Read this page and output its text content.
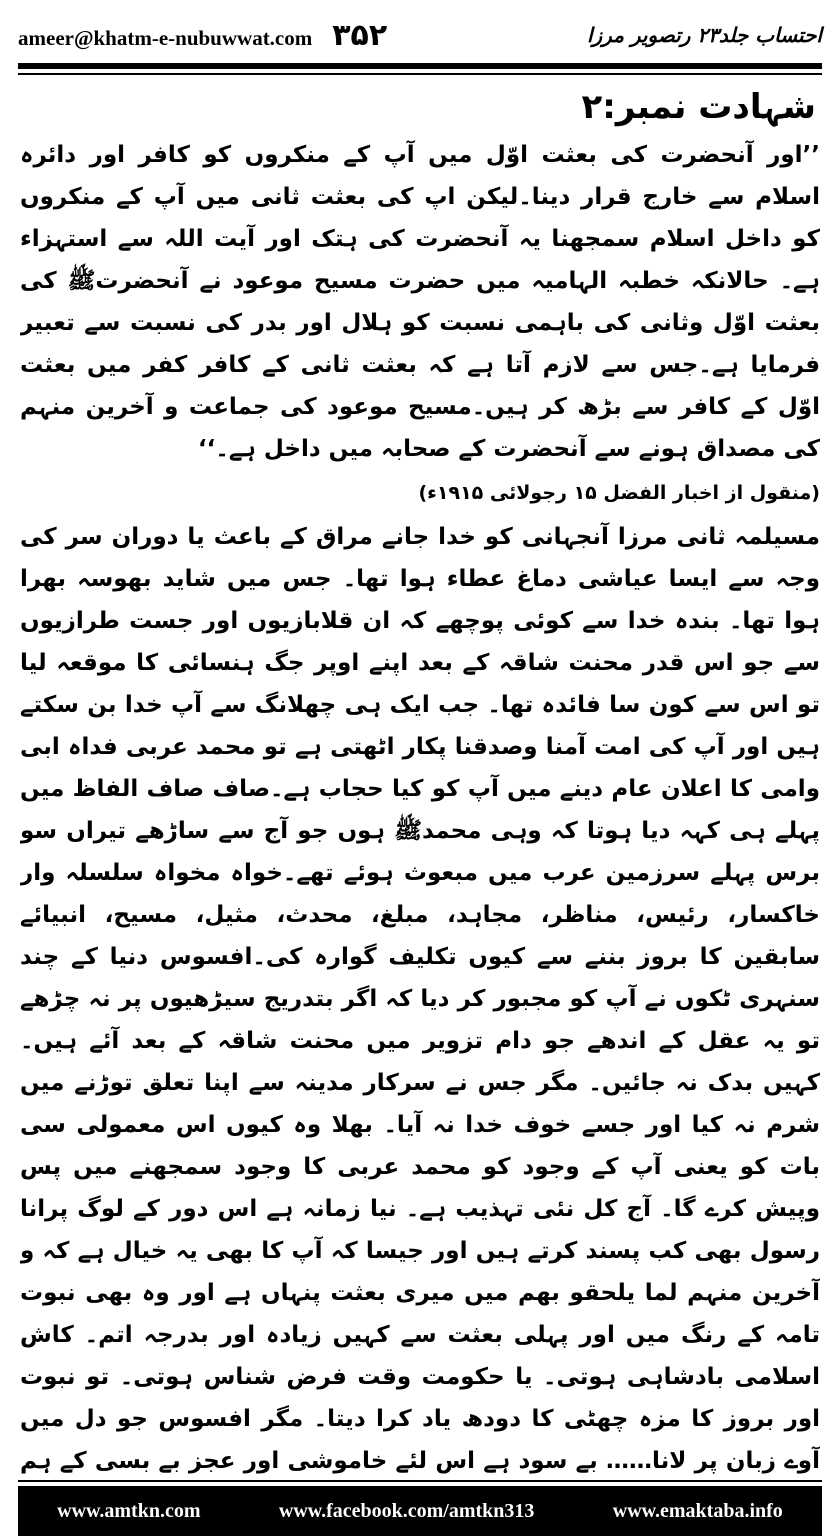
ameer@khatm-e-nubuwwat.com ۳۵۲	احتساب جلد۲۳ رتصویر مرزا
شہادت نمبر:۲

’’اور آنحضرت کی بعثت اوّل میں آپ کے منکروں کو کافر اور دائرہ اسلام سے خارج قرار دینا۔لیکن اپ کی بعثت ثانی میں آپ کے منکروں کو داخل اسلام سمجھنا یہ آنحضرت کی ہتک اور آیت اللہ سے استہزاء ہے۔ حالانکہ خطبہ الہامیہ میں حضرت مسیح موعود نے آنحضرتﷺ کی بعثت اوّل وثانی کی باہمی نسبت کو ہلال اور بدر کی نسبت سے تعبیر فرمایا ہے۔جس سے لازم آتا ہے کہ بعثت ثانی کے کافر کفر میں بعثت اوّل کے کافر سے بڑھ کر ہیں۔مسیح موعود کی جماعت و آخرین منہم کی مصداق ہونے سے آنحضرت کے صحابہ میں داخل ہے۔‘‘

(منقول از اخبار الفضل ۱۵ رجولائی ۱۹۱۵ء)

مسیلمہ ثانی مرزا آنجہانی کو خدا جانے مراق کے باعث یا دوران سر کی وجہ سے ایسا عیاشی دماغ عطاء ہوا تھا۔ جس میں شاید بھوسہ بھرا ہوا تھا۔ بندہ خدا سے کوئی پوچھے کہ ان قلابازیوں اور جست طرازیوں سے جو اس قدر محنت شاقہ کے بعد اپنے اوپر جگ ہنسائی کا موقعہ لیا تو اس سے کون سا فائدہ تھا۔ جب ایک ہی چھلانگ سے آپ خدا بن سکتے ہیں اور آپ کی امت آمنا وصدقنا پکار اٹھتی ہے تو محمد عربی فداہ ابی وامی کا اعلان عام دینے میں آپ کو کیا حجاب ہے۔صاف صاف الفاظ میں پہلے ہی کہہ دیا ہوتا کہ وہی محمدﷺ ہوں جو آج سے ساڑھے تیراں سو برس پہلے سرزمین عرب میں مبعوث ہوئے تھے۔خواہ مخواہ سلسلہ وار خاکسار، رئیس، مناظر، مجاہد، مبلغ، محدث، مثیل، مسیح، انبیائے سابقین کا بروز بننے سے کیوں تکلیف گوارہ کی۔افسوس دنیا کے چند سنہری ٹکوں نے آپ کو مجبور کر دیا کہ اگر بتدریج سیڑھیوں پر نہ چڑھے تو یہ عقل کے اندھے جو دام تزویر میں محنت شاقہ کے بعد آئے ہیں۔ کہیں بدک نہ جائیں۔ مگر جس نے سرکار مدینہ سے اپنا تعلق توڑنے میں شرم نہ کیا اور جسے خوف خدا نہ آیا۔ بھلا وہ کیوں اس معمولی سی بات کو یعنی آپ کے وجود کو محمد عربی کا وجود سمجھنے میں پس وپیش کرے گا۔ آج کل نئی تہذیب ہے۔ نیا زمانہ ہے اس دور کے لوگ پرانا رسول بھی کب پسند کرتے ہیں اور جیسا کہ آپ کا بھی یہ خیال ہے کہ و آخرین منہم لما یلحقو بھم میں میری بعثت پنہاں ہے اور وہ بھی نبوت تامہ کے رنگ میں اور پہلی بعثت سے کہیں زیادہ اور بدرجہ اتم۔ کاش اسلامی بادشاہی ہوتی۔ یا حکومت وقت فرض شناس ہوتی۔ تو نبوت اور بروز کا مزہ چھٹی کا دودھ یاد کرا دیتا۔ مگر افسوس جو دل میں آوے زبان پر لانا…… بے سود ہے اس لئے خاموشی اور عجز بے بسی کے ہم

www.amtkn.com	www.facebook.com/amtkn313	www.emaktaba.info
